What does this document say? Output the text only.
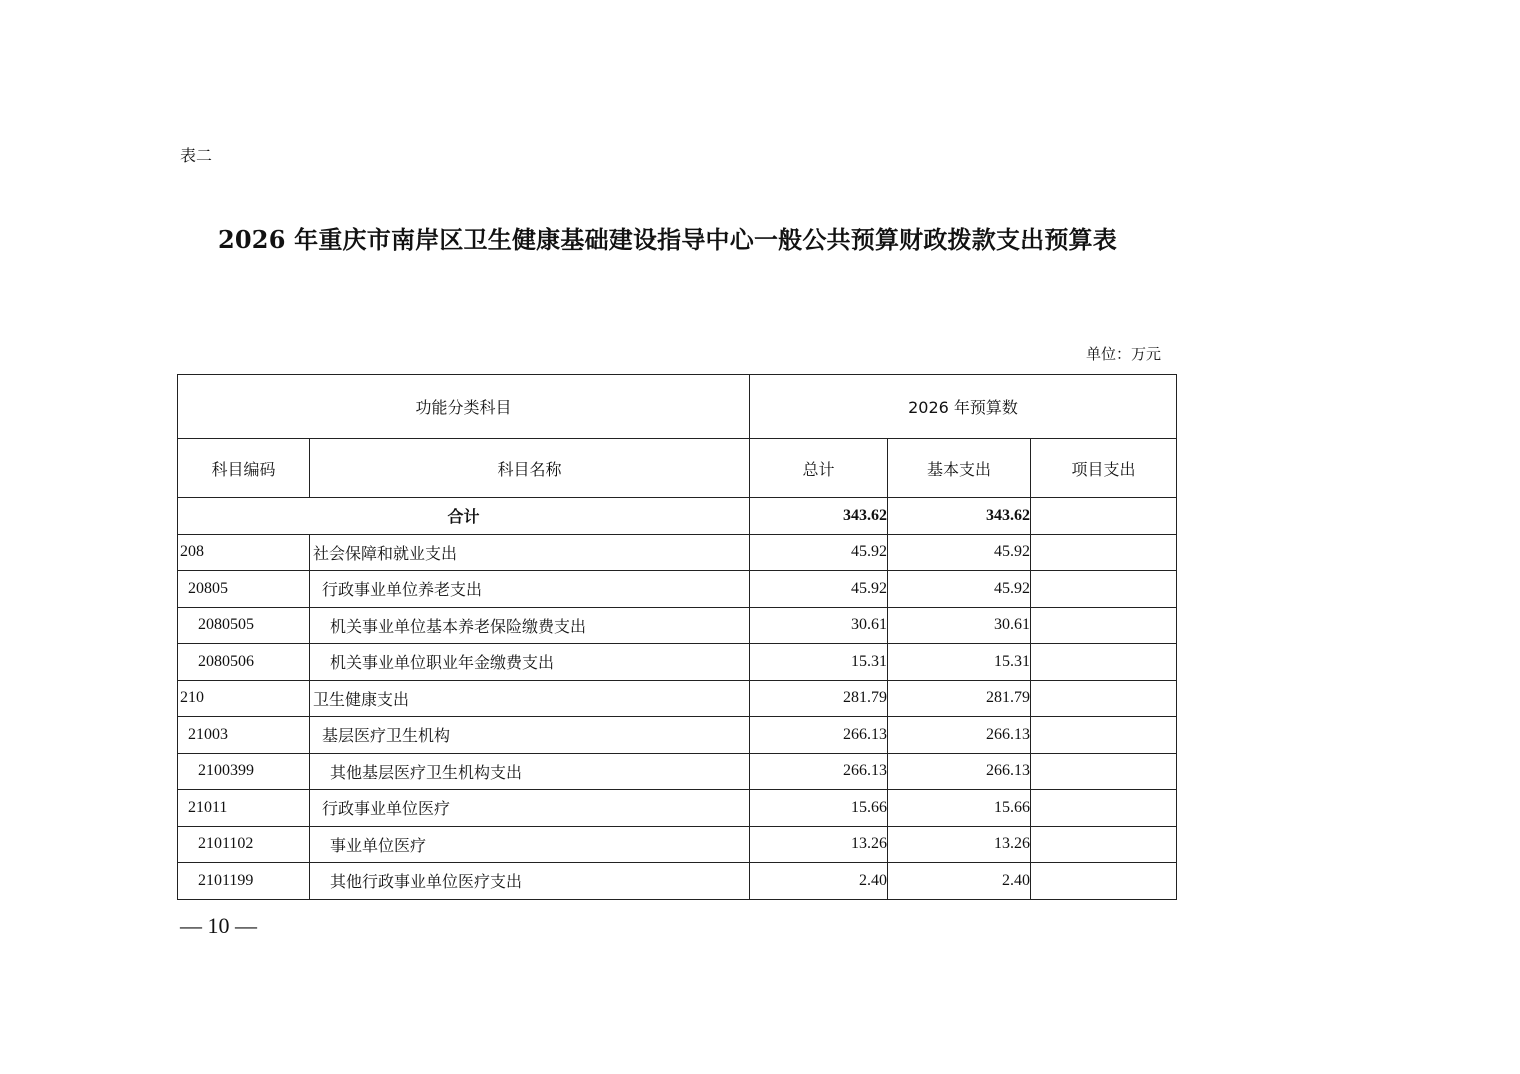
表二
2026 年重庆市南岸区卫生健康基础建设指导中心一般公共预算财政拨款支出预算表
单位：万元
功能分类科目		2026 年预算数		
科目编码	科目名称	总计	基本支出	项目支出
合计		343.62	343.62	
208	社会保障和就业支出	45.92	45.92	
20805	行政事业单位养老支出	45.92	45.92	
2080505	机关事业单位基本养老保险缴费支出	30.61	30.61	
2080506	机关事业单位职业年金缴费支出	15.31	15.31	
210	卫生健康支出	281.79	281.79	
21003	基层医疗卫生机构	266.13	266.13	
2100399	其他基层医疗卫生机构支出	266.13	266.13	
21011	行政事业单位医疗	15.66	15.66	
2101102	事业单位医疗	13.26	13.26	
2101199	其他行政事业单位医疗支出	2.40	2.40	
— 10 —
